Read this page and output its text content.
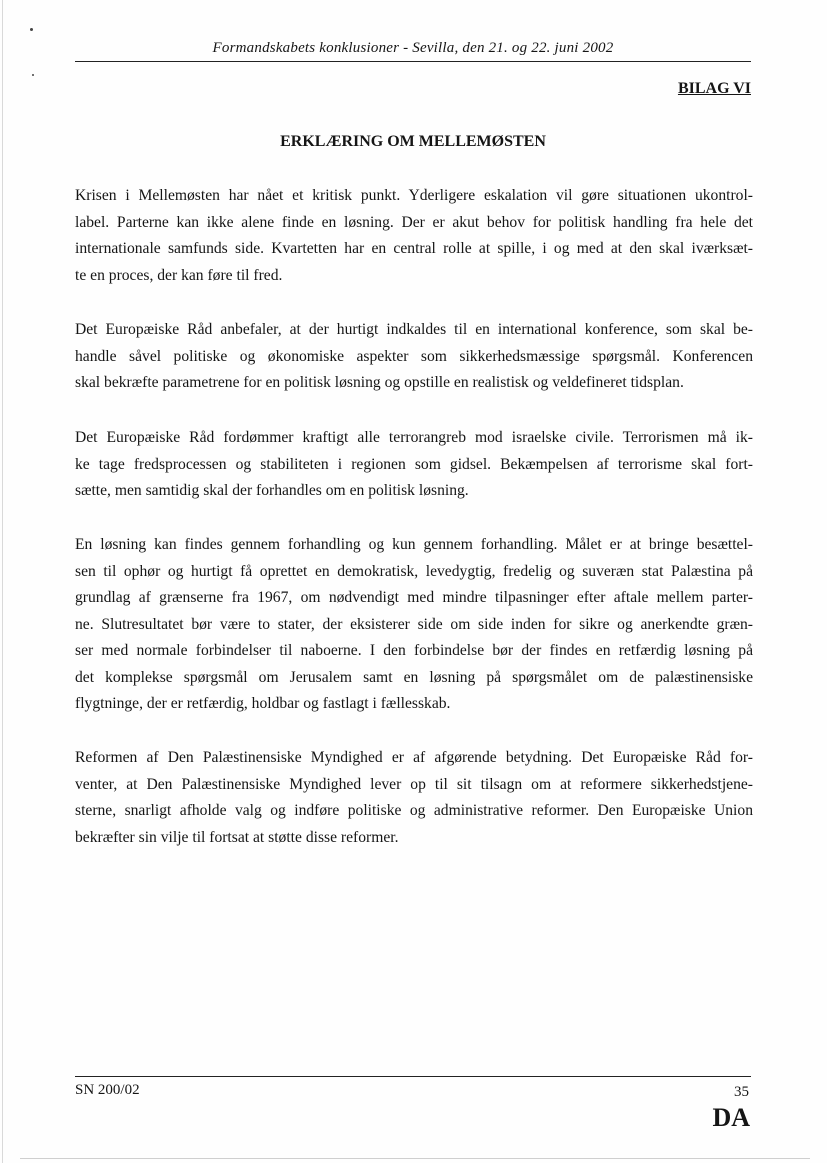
Formandskabets konklusioner - Sevilla, den 21. og 22. juni 2002
BILAG VI
ERKLÆRING OM MELLEMØSTEN

Krisen i Mellemøsten har nået et kritisk punkt. Yderligere eskalation vil gøre situationen ukontrol-
label. Parterne kan ikke alene finde en løsning. Der er akut behov for politisk handling fra hele det
internationale samfunds side. Kvartetten har en central rolle at spille, i og med at den skal iværksæt-
te en proces, der kan føre til fred.

Det Europæiske Råd anbefaler, at der hurtigt indkaldes til en international konference, som skal be-
handle såvel politiske og økonomiske aspekter som sikkerhedsmæssige spørgsmål. Konferencen
skal bekræfte parametrene for en politisk løsning og opstille en realistisk og veldefineret tidsplan.

Det Europæiske Råd fordømmer kraftigt alle terrorangreb mod israelske civile. Terrorismen må ik-
ke tage fredsprocessen og stabiliteten i regionen som gidsel. Bekæmpelsen af terrorisme skal fort-
sætte, men samtidig skal der forhandles om en politisk løsning.

En løsning kan findes gennem forhandling og kun gennem forhandling. Målet er at bringe besættel-
sen til ophør og hurtigt få oprettet en demokratisk, levedygtig, fredelig og suveræn stat Palæstina på
grundlag af grænserne fra 1967, om nødvendigt med mindre tilpasninger efter aftale mellem parter-
ne. Slutresultatet bør være to stater, der eksisterer side om side inden for sikre og anerkendte græn-
ser med normale forbindelser til naboerne. I den forbindelse bør der findes en retfærdig løsning på
det komplekse spørgsmål om Jerusalem samt en løsning på spørgsmålet om de palæstinensiske
flygtninge, der er retfærdig, holdbar og fastlagt i fællesskab.

Reformen af Den Palæstinensiske Myndighed er af afgørende betydning. Det Europæiske Råd for-
venter, at Den Palæstinensiske Myndighed lever op til sit tilsagn om at reformere sikkerhedstjene-
sterne, snarligt afholde valg og indføre politiske og administrative reformer. Den Europæiske Union
bekræfter sin vilje til fortsat at støtte disse reformer.

SN 200/02	35
DA
